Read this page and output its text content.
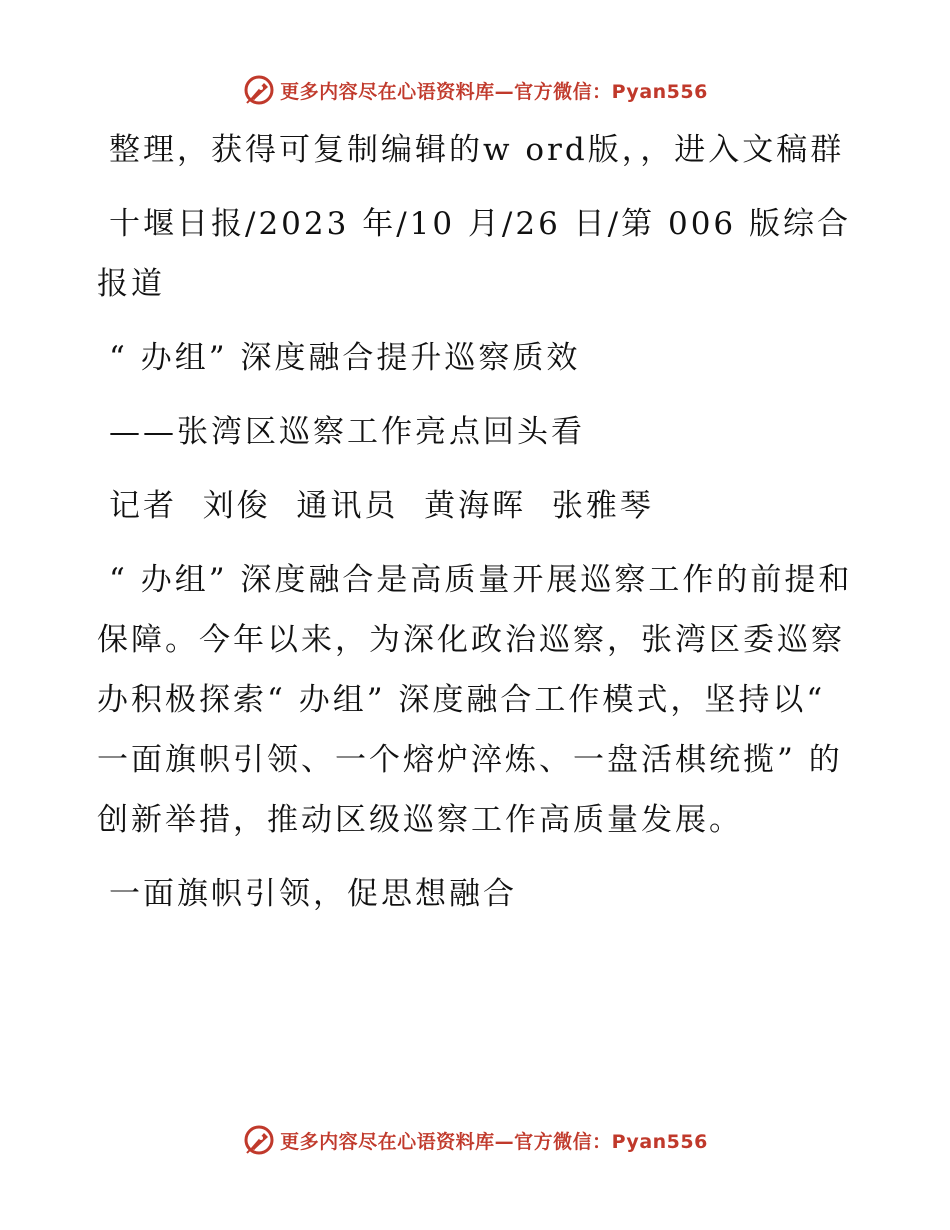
更多内容尽在心语资料库—官方微信：Pyan556

整理，获得可复制编辑的w ord版，，进入文稿群

十堰日报/2023 年/10 月/26 日/第 006 版综合报道

“ 办组” 深度融合提升巡察质效

——张湾区巡察工作亮点回头看

记者  刘俊  通讯员  黄海晖  张雅琴

“ 办组” 深度融合是高质量开展巡察工作的前提和保障。今年以来，为深化政治巡察，张湾区委巡察办积极探索“ 办组” 深度融合工作模式，坚持以“ 一面旗帜引领、一个熔炉淬炼、一盘活棋统揽” 的创新举措，推动区级巡察工作高质量发展。

一面旗帜引领，促思想融合

更多内容尽在心语资料库—官方微信：Pyan556
